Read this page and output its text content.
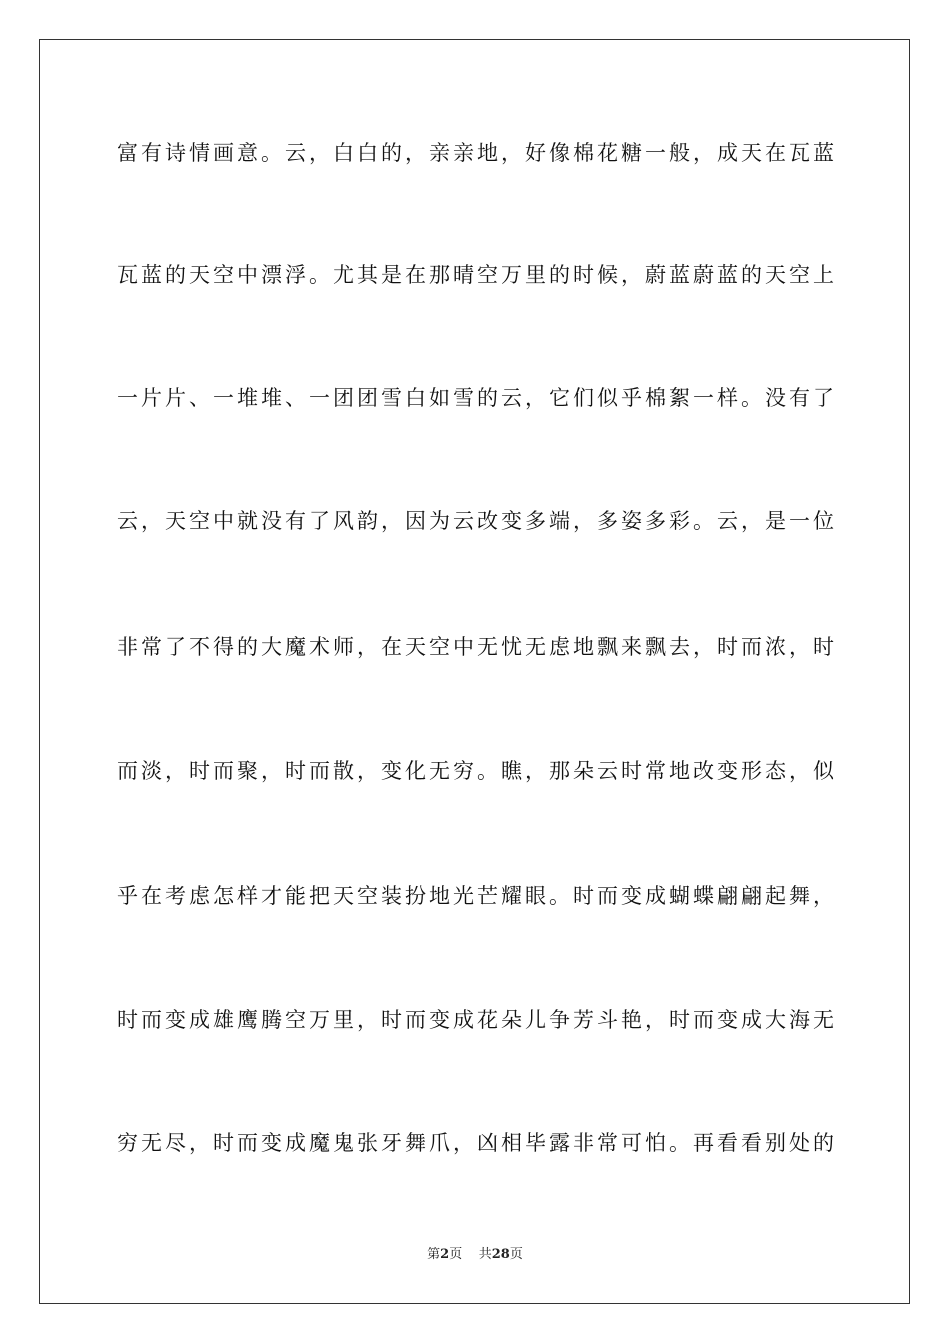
富有诗情画意。云，白白的，亲亲地，好像棉花糖一般，成天在瓦蓝
瓦蓝的天空中漂浮。尤其是在那晴空万里的时候，蔚蓝蔚蓝的天空上
一片片、一堆堆、一团团雪白如雪的云，它们似乎棉絮一样。没有了
云，天空中就没有了风韵，因为云改变多端，多姿多彩。云，是一位
非常了不得的大魔术师，在天空中无忧无虑地飘来飘去，时而浓，时
而淡，时而聚，时而散，变化无穷。瞧，那朵云时常地改变形态，似
乎在考虑怎样才能把天空装扮地光芒耀眼。时而变成蝴蝶翩翩起舞，
时而变成雄鹰腾空万里，时而变成花朵儿争芳斗艳，时而变成大海无
穷无尽，时而变成魔鬼张牙舞爪，凶相毕露非常可怕。再看看别处的
第2页 共28页
